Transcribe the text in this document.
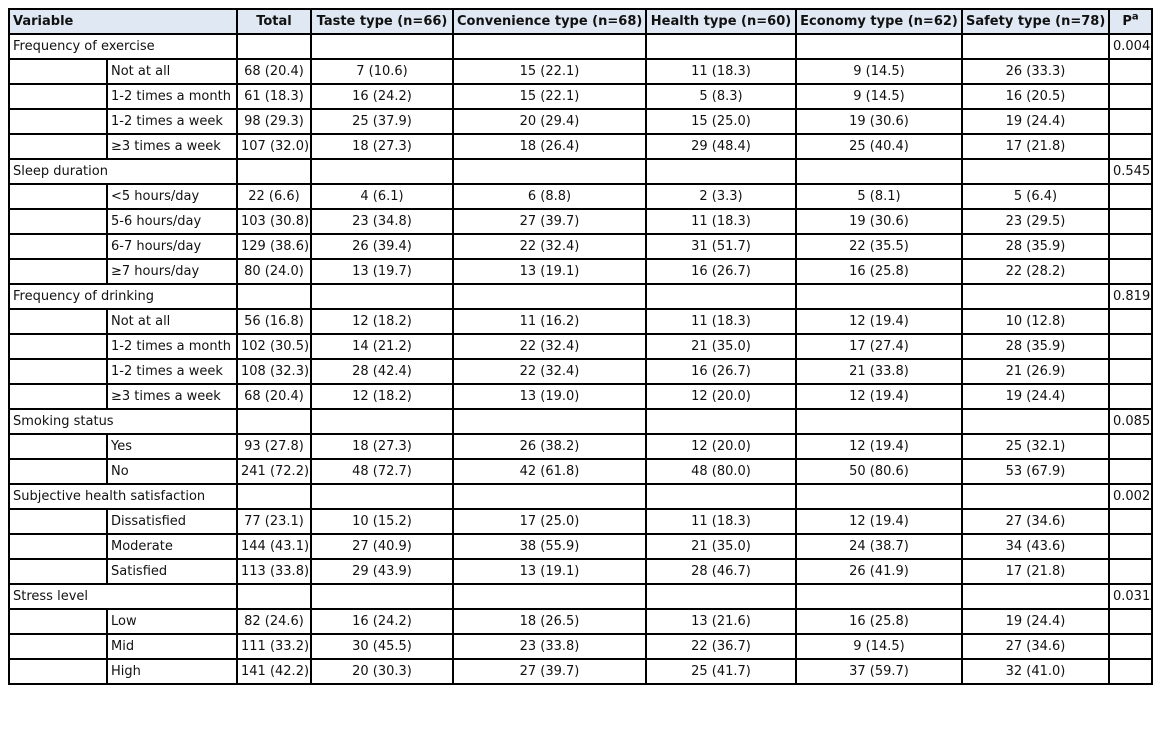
Variable		Total	Taste type (n=66)	Convenience type (n=68)	Health type (n=60)	Economy type (n=62)	Safety type (n=78)	$P^a$
Frequency of exercise								0.004
	Not at all	68 (20.4)	7 (10.6)	15 (22.1)	11 (18.3)	9 (14.5)	26 (33.3)	
	1-2 times a month	61 (18.3)	16 (24.2)	15 (22.1)	5 (8.3)	9 (14.5)	16 (20.5)	
	1-2 times a week	98 (29.3)	25 (37.9)	20 (29.4)	15 (25.0)	19 (30.6)	19 (24.4)	
	≥3 times a week	107 (32.0)	18 (27.3)	18 (26.4)	29 (48.4)	25 (40.4)	17 (21.8)	
Sleep duration								0.545
	<5 hours/day	22 (6.6)	4 (6.1)	6 (8.8)	2 (3.3)	5 (8.1)	5 (6.4)	
	5-6 hours/day	103 (30.8)	23 (34.8)	27 (39.7)	11 (18.3)	19 (30.6)	23 (29.5)	
	6-7 hours/day	129 (38.6)	26 (39.4)	22 (32.4)	31 (51.7)	22 (35.5)	28 (35.9)	
	≥7 hours/day	80 (24.0)	13 (19.7)	13 (19.1)	16 (26.7)	16 (25.8)	22 (28.2)	
Frequency of drinking								0.819
	Not at all	56 (16.8)	12 (18.2)	11 (16.2)	11 (18.3)	12 (19.4)	10 (12.8)	
	1-2 times a month	102 (30.5)	14 (21.2)	22 (32.4)	21 (35.0)	17 (27.4)	28 (35.9)	
	1-2 times a week	108 (32.3)	28 (42.4)	22 (32.4)	16 (26.7)	21 (33.8)	21 (26.9)	
	≥3 times a week	68 (20.4)	12 (18.2)	13 (19.0)	12 (20.0)	12 (19.4)	19 (24.4)	
Smoking status								0.085
	Yes	93 (27.8)	18 (27.3)	26 (38.2)	12 (20.0)	12 (19.4)	25 (32.1)	
	No	241 (72.2)	48 (72.7)	42 (61.8)	48 (80.0)	50 (80.6)	53 (67.9)	
Subjective health satisfaction								0.002
	Dissatisfied	77 (23.1)	10 (15.2)	17 (25.0)	11 (18.3)	12 (19.4)	27 (34.6)	
	Moderate	144 (43.1)	27 (40.9)	38 (55.9)	21 (35.0)	24 (38.7)	34 (43.6)	
	Satisfied	113 (33.8)	29 (43.9)	13 (19.1)	28 (46.7)	26 (41.9)	17 (21.8)	
Stress level								0.031
	Low	82 (24.6)	16 (24.2)	18 (26.5)	13 (21.6)	16 (25.8)	19 (24.4)	
	Mid	111 (33.2)	30 (45.5)	23 (33.8)	22 (36.7)	9 (14.5)	27 (34.6)	
	High	141 (42.2)	20 (30.3)	27 (39.7)	25 (41.7)	37 (59.7)	32 (41.0)	
